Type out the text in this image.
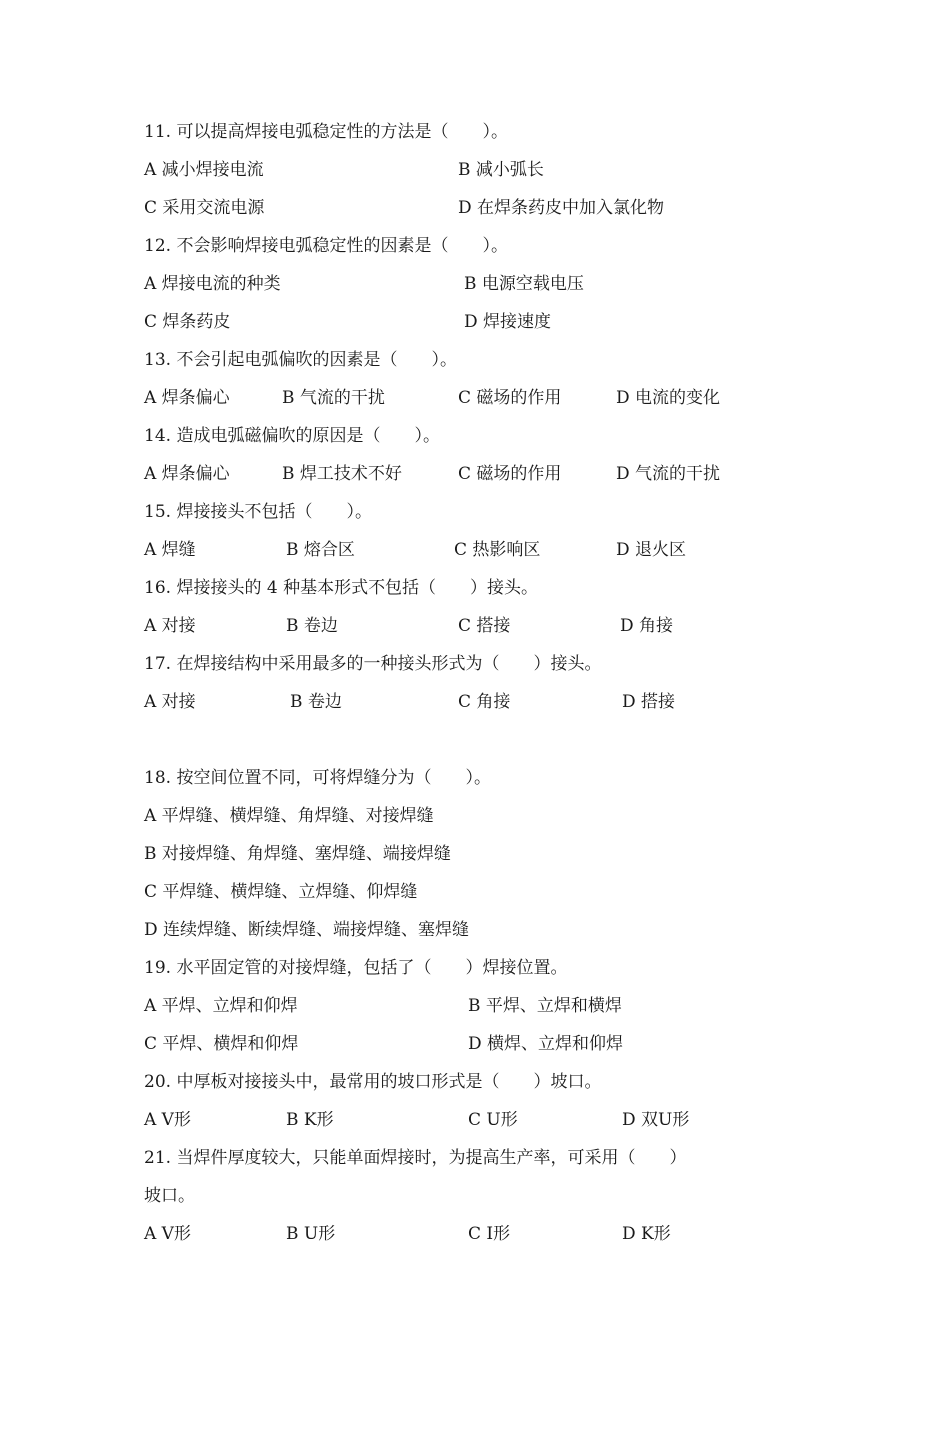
11. 可以提高焊接电弧稳定性的方法是（　　）。

A 减小焊接电流

	B 减小弧长

C 采用交流电源

	D 在焊条药皮中加入氯化物

12. 不会影响焊接电弧稳定性的因素是（　　）。

A 焊接电流的种类

	B 电源空载电压

C 焊条药皮

	D 焊接速度

13. 不会引起电弧偏吹的因素是（　　）。

A 焊条偏心

	B 气流的干扰

	C 磁场的作用

	D 电流的变化

14. 造成电弧磁偏吹的原因是（　　）。

A 焊条偏心

	B 焊工技术不好

	C 磁场的作用

	D 气流的干扰

15. 焊接接头不包括（　　）。

A 焊缝

	B 熔合区

	C 热影响区

	D 退火区

16. 焊接接头的 4 种基本形式不包括（　　）接头。

A 对接

	B 卷边

	C 搭接

	D 角接

17. 在焊接结构中采用最多的一种接头形式为（　　）接头。

A 对接

	B 卷边

	C 角接

	D 搭接

18. 按空间位置不同，可将焊缝分为（　　）。
A 平焊缝、横焊缝、角焊缝、对接焊缝
B 对接焊缝、角焊缝、塞焊缝、端接焊缝
C 平焊缝、横焊缝、立焊缝、仰焊缝
D 连续焊缝、断续焊缝、端接焊缝、塞焊缝
19. 水平固定管的对接焊缝，包括了（　　）焊接位置。

A 平焊、立焊和仰焊

	B 平焊、立焊和横焊

C 平焊、横焊和仰焊

	D 横焊、立焊和仰焊

20. 中厚板对接接头中，最常用的坡口形式是（　　）坡口。

A V形

	B K形

	C U形

	D 双U形

21. 当焊件厚度较大，只能单面焊接时，为提高生产率，可采用（　　）
坡口。

A V形

	B U形

	C I形

	D K形
